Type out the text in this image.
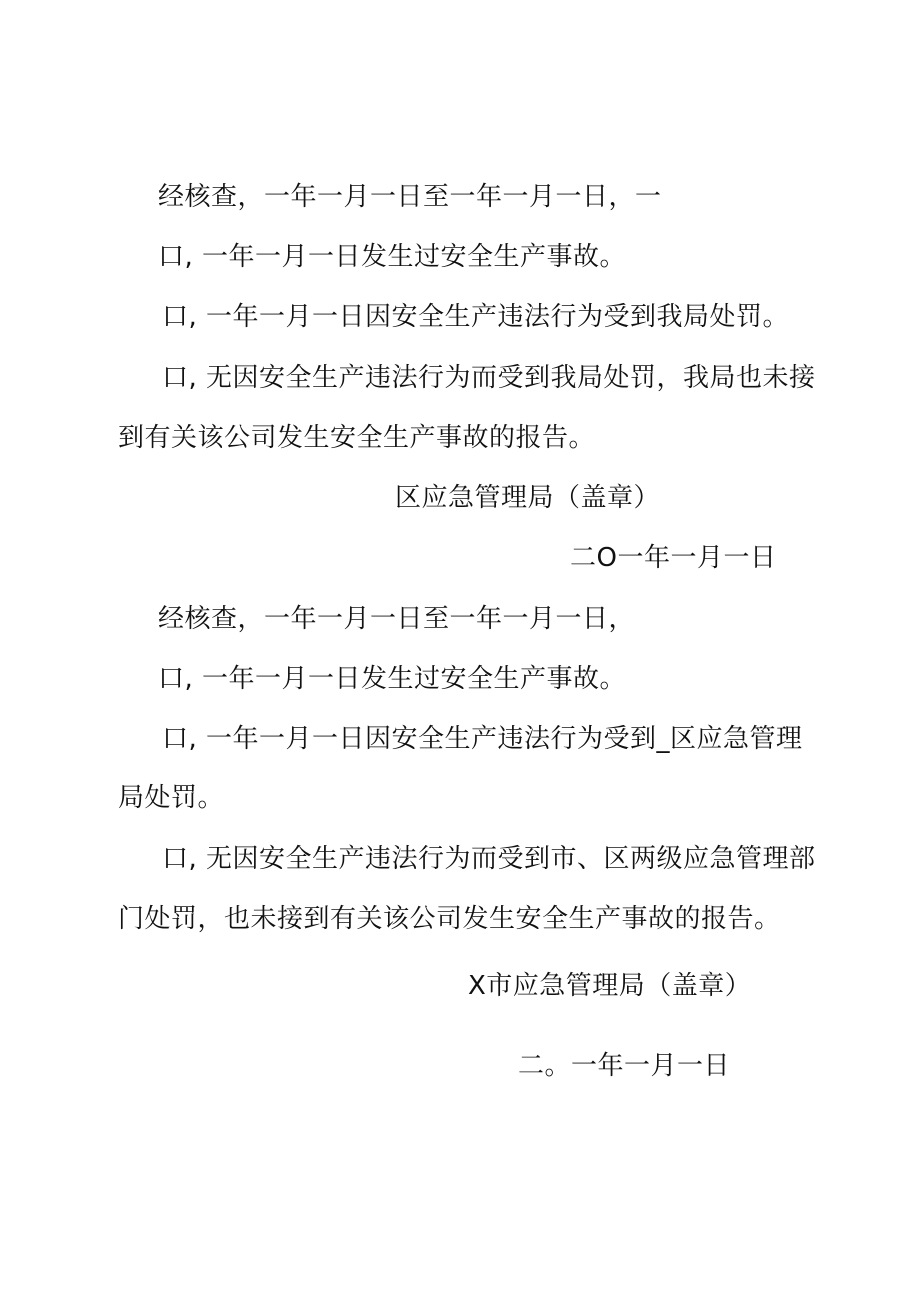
经核查，一年一月一日至一年一月一日，一
口, 一年一月一日发生过安全生产事故。
口, 一年一月一日因安全生产违法行为受到我局处罚。
口, 无因安全生产违法行为而受到我局处罚，我局也未接
到有关该公司发生安全生产事故的报告。
区应急管理局（盖章）
二O一年一月一日
经核查，一年一月一日至一年一月一日，
口, 一年一月一日发生过安全生产事故。
口, 一年一月一日因安全生产违法行为受到_区应急管理
局处罚。
口, 无因安全生产违法行为而受到市、区两级应急管理部
门处罚，也未接到有关该公司发生安全生产事故的报告。
X市应急管理局（盖章）
二。一年一月一日
